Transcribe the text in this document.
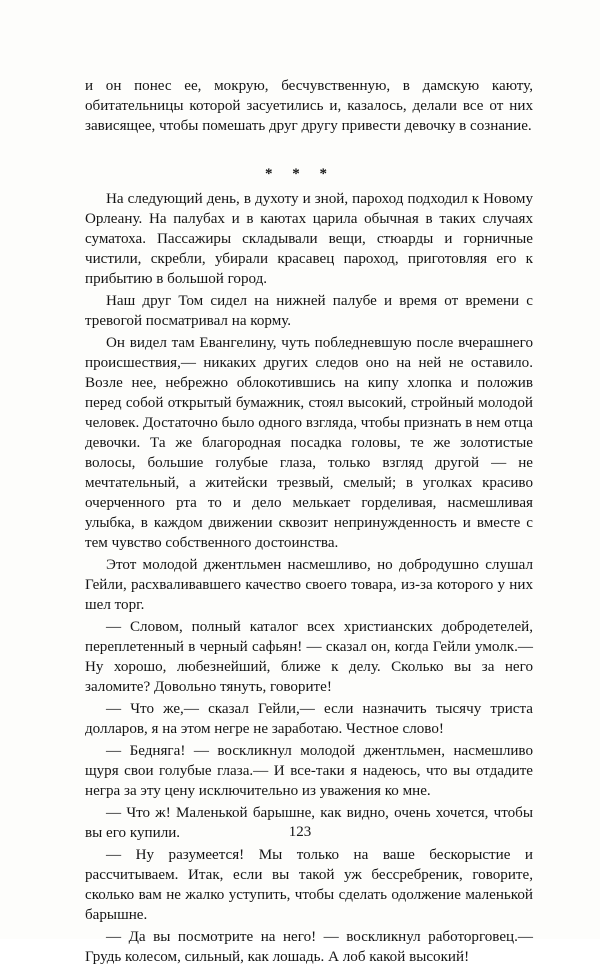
и он понес ее, мокрую, бесчувственную, в дамскую каюту, обитательницы которой засуетились и, казалось, делали все от них зависящее, чтобы помешать друг другу привести девочку в сознание.

* * *

На следующий день, в духоту и зной, пароход подходил к Новому Орлеану. На палубах и в каютах царила обычная в таких случаях суматоха. Пассажиры складывали вещи, стюарды и горничные чистили, скребли, убирали красавец пароход, приготовляя его к прибытию в большой город.

Наш друг Том сидел на нижней палубе и время от времени с тревогой посматривал на корму.

Он видел там Евангелину, чуть побледневшую после вчерашнего происшествия,— никаких других следов оно на ней не оставило. Возле нее, небрежно облокотившись на кипу хлопка и положив перед собой открытый бумажник, стоял высокий, стройный молодой человек. Достаточно было одного взгляда, чтобы признать в нем отца девочки. Та же благородная посадка головы, те же золотистые волосы, большие голубые глаза, только взгляд другой — не мечтательный, а житейски трезвый, смелый; в уголках красиво очерченного рта то и дело мелькает горделивая, насмешливая улыбка, в каждом движении сквозит непринужденность и вместе с тем чувство собственного достоинства.

Этот молодой джентльмен насмешливо, но добродушно слушал Гейли, расхваливавшего качество своего товара, из-за которого у них шел торг.

— Словом, полный каталог всех христианских добродетелей, переплетенный в черный сафьян! — сказал он, когда Гейли умолк.— Ну хорошо, любезнейший, ближе к делу. Сколько вы за него заломите? Довольно тянуть, говорите!

— Что же,— сказал Гейли,— если назначить тысячу триста долларов, я на этом негре не заработаю. Честное слово!

— Бедняга! — воскликнул молодой джентльмен, насмешливо щуря свои голубые глаза.— И все-таки я надеюсь, что вы отдадите негра за эту цену исключительно из уважения ко мне.

— Что ж! Маленькой барышне, как видно, очень хочется, чтобы вы его купили.

— Ну разумеется! Мы только на ваше бескорыстие и рассчитываем. Итак, если вы такой уж бессребреник, говорите, сколько вам не жалко уступить, чтобы сделать одолжение маленькой барышне.

— Да вы посмотрите на него! — воскликнул работорговец.— Грудь колесом, сильный, как лошадь. А лоб какой высокий!

123
